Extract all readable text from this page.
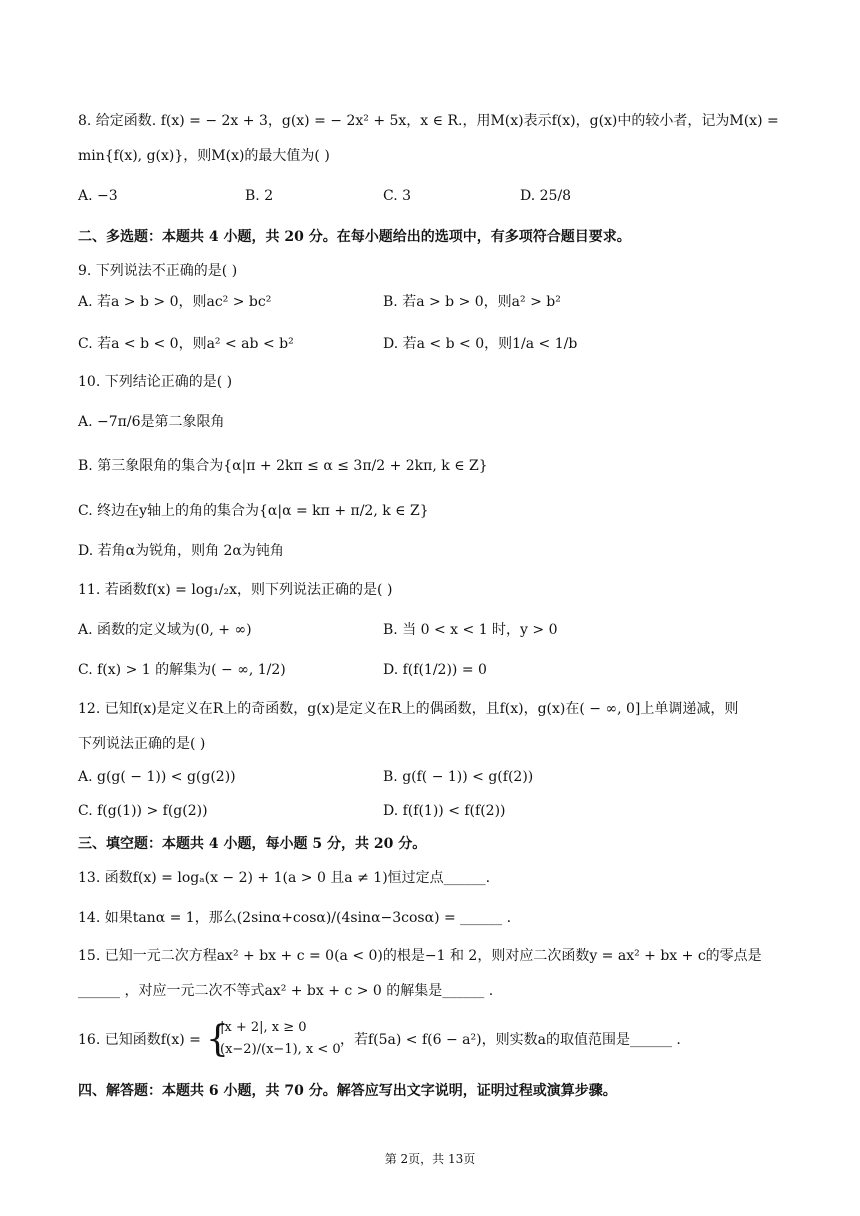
8. 给定函数. f(x) = − 2x + 3，g(x) = − 2x² + 5x，x ∈ R.，用M(x)表示f(x)，g(x)中的较小者，记为M(x) =
min{f(x), g(x)}，则M(x)的最大值为( )
A. −3	B. 2	C. 3	D. 25/8
二、多选题：本题共 4 小题，共 20 分。在每小题给出的选项中，有多项符合题目要求。
9. 下列说法不正确的是( )
A. 若a > b > 0，则ac² > bc²	B. 若a > b > 0，则a² > b²
C. 若a < b < 0，则a² < ab < b²	D. 若a < b < 0，则1/a < 1/b
10. 下列结论正确的是( )
A. −7π/6是第二象限角
B. 第三象限角的集合为{α|π + 2kπ ≤ α ≤ 3π/2 + 2kπ, k ∈ Z}
C. 终边在y轴上的角的集合为{α|α = kπ + π/2, k ∈ Z}
D. 若角α为锐角，则角 2α为钝角
11. 若函数f(x) = log₁/₂x，则下列说法正确的是( )
A. 函数的定义域为(0, + ∞)	B. 当 0 < x < 1 时，y > 0
C. f(x) > 1 的解集为( − ∞, 1/2)	D. f(f(1/2)) = 0
12. 已知f(x)是定义在R上的奇函数，g(x)是定义在R上的偶函数，且f(x)，g(x)在( − ∞, 0]上单调递减，则
下列说法正确的是( )
A. g(g( − 1)) < g(g(2))	B. g(f( − 1)) < g(f(2))
C. f(g(1)) > f(g(2))	D. f(f(1)) < f(f(2))
三、填空题：本题共 4 小题，每小题 5 分，共 20 分。
13. 函数f(x) = logₐ(x − 2) + 1(a > 0 且a ≠ 1)恒过定点______.
14. 如果tanα = 1，那么(2sinα+cosα)/(4sinα−3cosα) = ______ .
15. 已知一元二次方程ax² + bx + c = 0(a < 0)的根是−1 和 2，则对应二次函数y = ax² + bx + c的零点是
______ ，对应一元二次不等式ax² + bx + c > 0 的解集是______ .
16. 已知函数f(x) = {
|x + 2|, x ≥ 0
(x−2)/(x−1), x < 0
，若f(5a) < f(6 − a²)，则实数a的取值范围是______ .
四、解答题：本题共 6 小题，共 70 分。解答应写出文字说明，证明过程或演算步骤。
第 2页，共 13页
